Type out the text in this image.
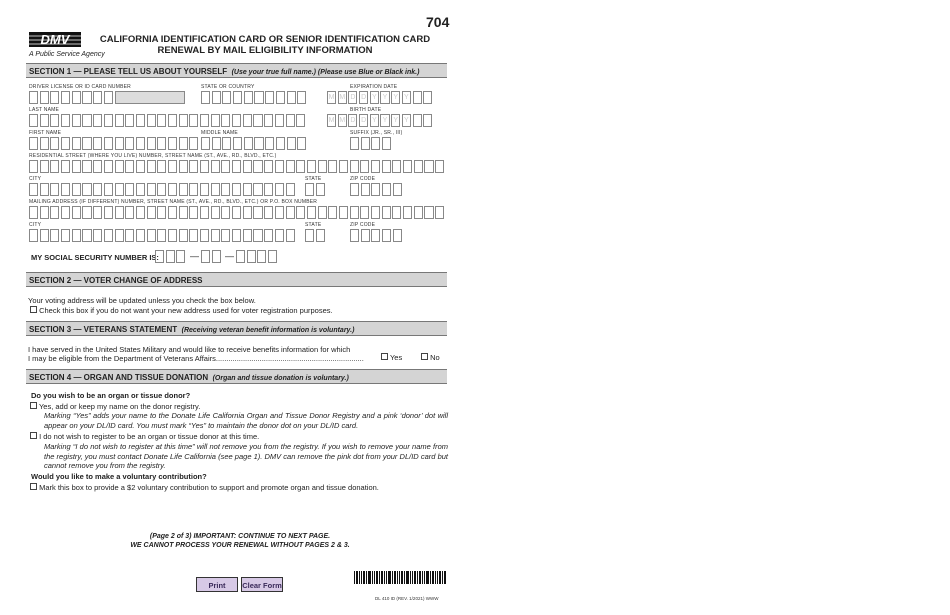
704
DMV
A Public Service Agency
CALIFORNIA IDENTIFICATION CARD OR SENIOR IDENTIFICATION CARD
RENEWAL BY MAIL ELIGIBILITY INFORMATION
SECTION 1 — PLEASE TELL US ABOUT YOURSELF (Use your true full name.) (Please use Blue or Black ink.)
DRIVER LICENSE OR ID CARD NUMBER	STATE OR COUNTRY	EXPIRATION DATE
M M D D Y Y Y Y
LAST NAME	BIRTH DATE
M M D D Y Y Y Y
FIRST NAME	MIDDLE NAME	SUFFIX (JR., SR., III)
RESIDENTIAL STREET (WHERE YOU LIVE) NUMBER, STREET NAME (ST., AVE., RD., BLVD., ETC.)
CITY	STATE	ZIP CODE
MAILING ADDRESS (IF DIFFERENT) NUMBER, STREET NAME (ST., AVE., RD., BLVD., ETC.) OR P.O. BOX NUMBER
CITY	STATE	ZIP CODE
MY SOCIAL SECURITY NUMBER IS:	—	—
SECTION 2 — VOTER CHANGE OF ADDRESS
Your voting address will be updated unless you check the box below.
Check this box if you do not want your new address used for voter registration purposes.
SECTION 3 — VETERANS STATEMENT (Receiving veteran benefit information is voluntary.)
I have served in the United States Military and would like to receive benefits information for which
I may be eligible from the Department of Veterans Affairs.......................................................................	Yes	No
SECTION 4 — ORGAN AND TISSUE DONATION (Organ and tissue donation is voluntary.)
Do you wish to be an organ or tissue donor?
Yes, add or keep my name on the donor registry.
Marking “Yes” adds your name to the Donate Life California Organ and Tissue Donor Registry and a pink ‘donor’ dot will appear on your DL/ID card. You must mark “Yes” to maintain the donor dot on your DL/ID card.
I do not wish to register to be an organ or tissue donor at this time.
Marking “I do not wish to register at this time” will not remove you from the registry. If you wish to remove your name from the registry, you must contact Donate Life California (see page 1). DMV can remove the pink dot from your DL/ID card but cannot remove you from the registry.
Would you like to make a voluntary contribution?
Mark this box to provide a $2 voluntary contribution to support and promote organ and tissue donation.
(Page 2 of 3) IMPORTANT: CONTINUE TO NEXT PAGE.
WE CANNOT PROCESS YOUR RENEWAL WITHOUT PAGES 2 & 3.
Print	Clear Form
DL 410 ID (REV. 1/2021) WWW
